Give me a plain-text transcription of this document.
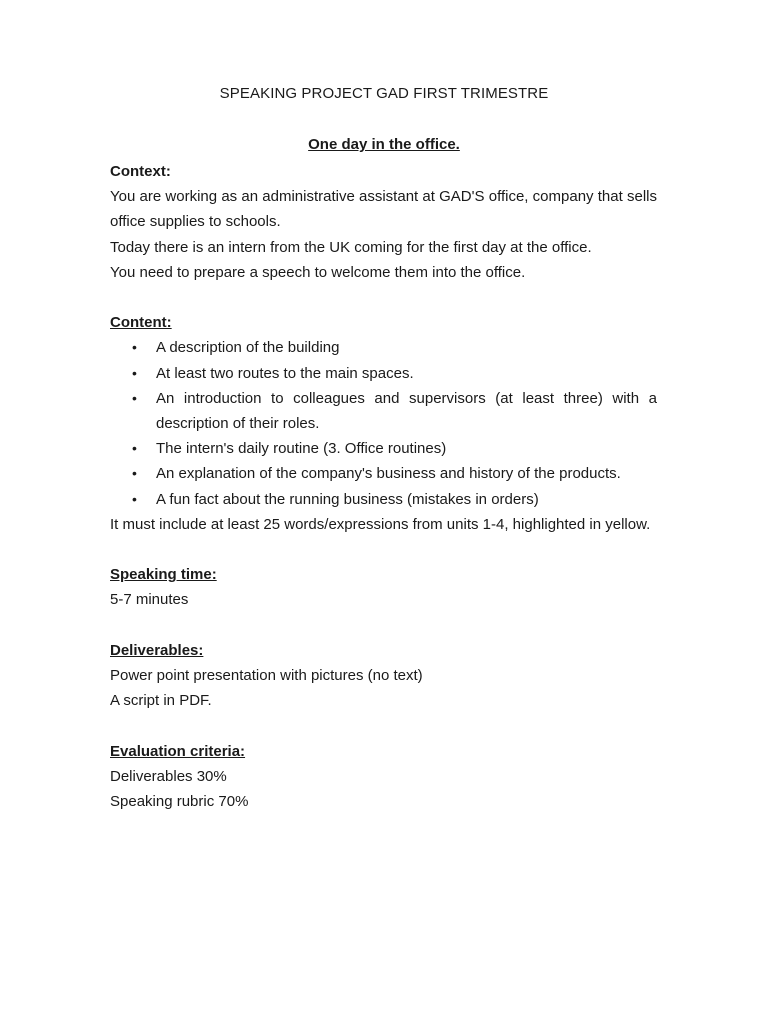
SPEAKING PROJECT GAD FIRST TRIMESTRE
One day in the office.

Context:

You are working as an administrative assistant at GAD'S office, company that sells office supplies to schools.

Today there is an intern from the UK coming for the first day at the office.

You need to prepare a speech to welcome them into the office.

Content:

• A description of the building
• At least two routes to the main spaces.
• An introduction to colleagues and supervisors (at least three) with a description of their roles.
• The intern's daily routine (3. Office routines)
• An explanation of the company's business and history of the products.
• A fun fact about the running business (mistakes in orders)

It must include at least 25 words/expressions from units 1-4, highlighted in yellow.

Speaking time:

5-7 minutes

Deliverables:

Power point presentation with pictures (no text)

A script in PDF.

Evaluation criteria:

Deliverables 30%

Speaking rubric 70%
